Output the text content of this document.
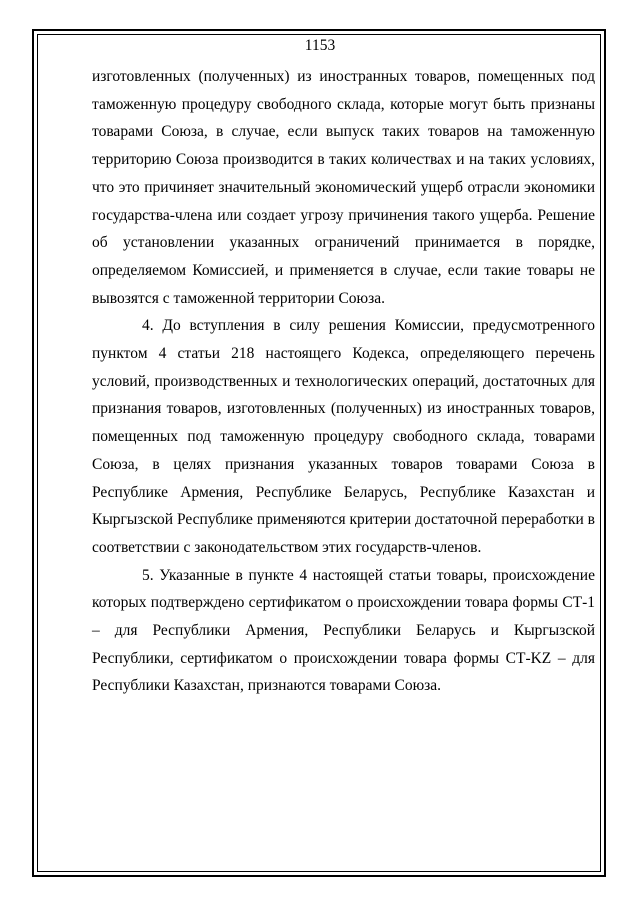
1153

изготовленных (полученных) из иностранных товаров, помещенных под таможенную процедуру свободного склада, которые могут быть признаны товарами Союза, в случае, если выпуск таких товаров на таможенную территорию Союза производится в таких количествах и на таких условиях, что это причиняет значительный экономический ущерб отрасли экономики государства-члена или создает угрозу причинения такого ущерба. Решение об установлении указанных ограничений принимается в порядке, определяемом Комиссией, и применяется в случае, если такие товары не вывозятся с таможенной территории Союза.

4. До вступления в силу решения Комиссии, предусмотренного пунктом 4 статьи 218 настоящего Кодекса, определяющего перечень условий, производственных и технологических операций, достаточных для признания товаров, изготовленных (полученных) из иностранных товаров, помещенных под таможенную процедуру свободного склада, товарами Союза, в целях признания указанных товаров товарами Союза в Республике Армения, Республике Беларусь, Республике Казахстан и Кыргызской Республике применяются критерии достаточной переработки в соответствии с законодательством этих государств-членов.

5. Указанные в пункте 4 настоящей статьи товары, происхождение которых подтверждено сертификатом о происхождении товара формы СТ-1 – для Республики Армения, Республики Беларусь и Кыргызской Республики, сертификатом о происхождении товара формы СТ-KZ – для Республики Казахстан, признаются товарами Союза.
